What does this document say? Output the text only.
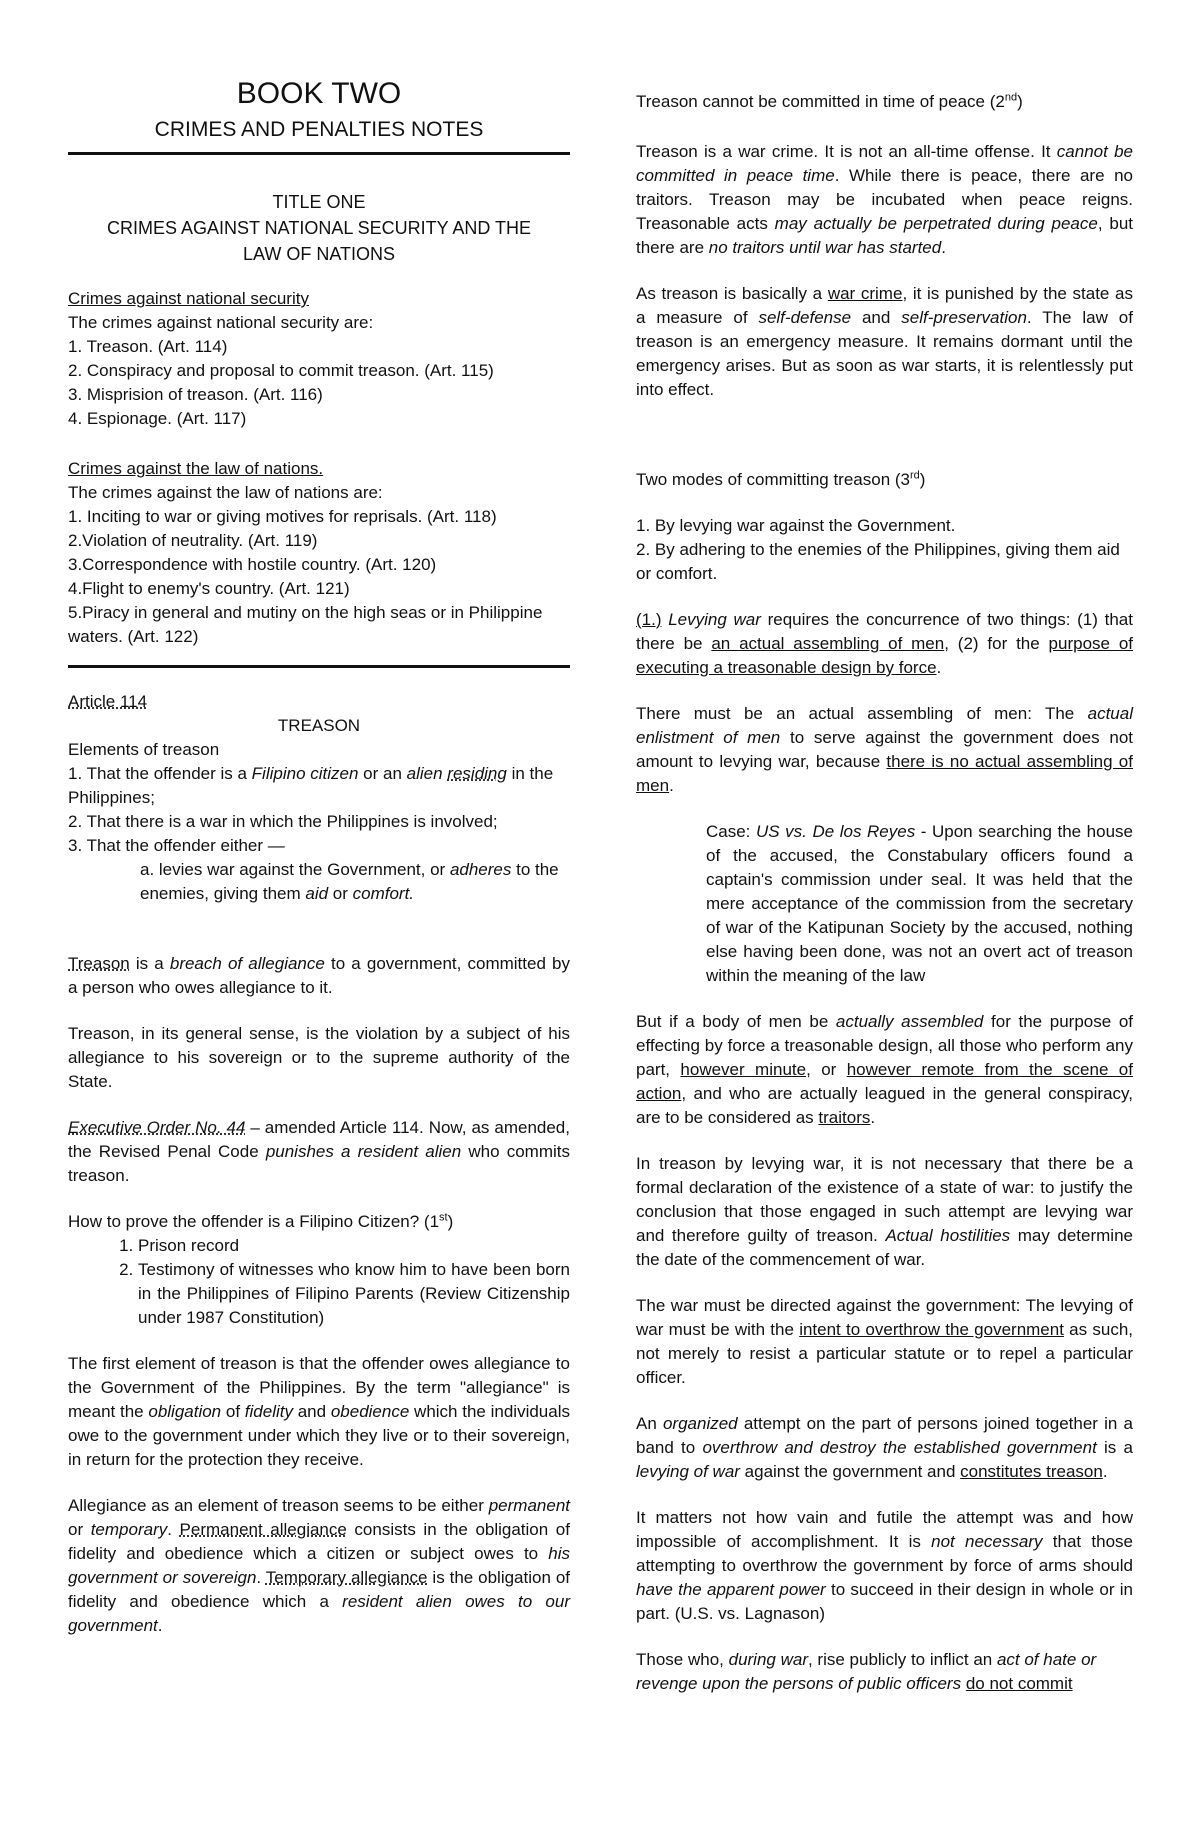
BOOK TWO
CRIMES AND PENALTIES NOTES

TITLE ONE

CRIMES AGAINST NATIONAL SECURITY AND THE

LAW OF NATIONS

Crimes against national security

The crimes against national security are:

1. Treason. (Art. 114)

2. Conspiracy and proposal to commit treason. (Art. 115)

3. Misprision of treason. (Art. 116)

4. Espionage. (Art. 117)

Crimes against the law of nations.

The crimes against the law of nations are:

1. Inciting to war or giving motives for reprisals. (Art. 118)

2.Violation of neutrality. (Art. 119)

3.Correspondence with hostile country. (Art. 120)

4.Flight to enemy's country. (Art. 121)

5.Piracy in general and mutiny on the high seas or in Philippine waters. (Art. 122)

Article 114

TREASON

Elements of treason

1. That the offender is a Filipino citizen or an alien residing in the Philippines;

2. That there is a war in which the Philippines is involved;

3. That the offender either —

a. levies war against the Government, or adheres to the enemies, giving them aid or comfort.

Treason is a breach of allegiance to a government, committed by a person who owes allegiance to it.

Treason, in its general sense, is the violation by a subject of his allegiance to his sovereign or to the supreme authority of the State.

Executive Order No. 44 – amended Article 114. Now, as amended, the Revised Penal Code punishes a resident alien who commits treason.

How to prove the offender is a Filipino Citizen? (1st)

1. Prison record
2. Testimony of witnesses who know him to have been born in the Philippines of Filipino Parents (Review Citizenship under 1987 Constitution)

The first element of treason is that the offender owes allegiance to the Government of the Philippines. By the term "allegiance" is meant the obligation of fidelity and obedience which the individuals owe to the government under which they live or to their sovereign, in return for the protection they receive.

Allegiance as an element of treason seems to be either permanent or temporary. Permanent allegiance consists in the obligation of fidelity and obedience which a citizen or subject owes to his government or sovereign. Temporary allegiance is the obligation of fidelity and obedience which a resident alien owes to our government.

Treason cannot be committed in time of peace (2nd)

Treason is a war crime. It is not an all-time offense. It cannot be committed in peace time. While there is peace, there are no traitors. Treason may be incubated when peace reigns. Treasonable acts may actually be perpetrated during peace, but there are no traitors until war has started.

As treason is basically a war crime, it is punished by the state as a measure of self-defense and self-preservation. The law of treason is an emergency measure. It remains dormant until the emergency arises. But as soon as war starts, it is relentlessly put into effect.

Two modes of committing treason (3rd)

1. By levying war against the Government.

2. By adhering to the enemies of the Philippines, giving them aid or comfort.

(1.) Levying war requires the concurrence of two things: (1) that there be an actual assembling of men, (2) for the purpose of executing a treasonable design by force.

There must be an actual assembling of men: The actual enlistment of men to serve against the government does not amount to levying war, because there is no actual assembling of men.

Case: US vs. De los Reyes - Upon searching the house of the accused, the Constabulary officers found a captain's commission under seal. It was held that the mere acceptance of the commission from the secretary of war of the Katipunan Society by the accused, nothing else having been done, was not an overt act of treason within the meaning of the law

But if a body of men be actually assembled for the purpose of effecting by force a treasonable design, all those who perform any part, however minute, or however remote from the scene of action, and who are actually leagued in the general conspiracy, are to be considered as traitors.

In treason by levying war, it is not necessary that there be a formal declaration of the existence of a state of war: to justify the conclusion that those engaged in such attempt are levying war and therefore guilty of treason. Actual hostilities may determine the date of the commencement of war.

The war must be directed against the government: The levying of war must be with the intent to overthrow the government as such, not merely to resist a particular statute or to repel a particular officer.

An organized attempt on the part of persons joined together in a band to overthrow and destroy the established government is a levying of war against the government and constitutes treason.

It matters not how vain and futile the attempt was and how impossible of accomplishment. It is not necessary that those attempting to overthrow the government by force of arms should have the apparent power to succeed in their design in whole or in part. (U.S. vs. Lagnason)

Those who, during war, rise publicly to inflict an act of hate or revenge upon the persons of public officers do not commit
